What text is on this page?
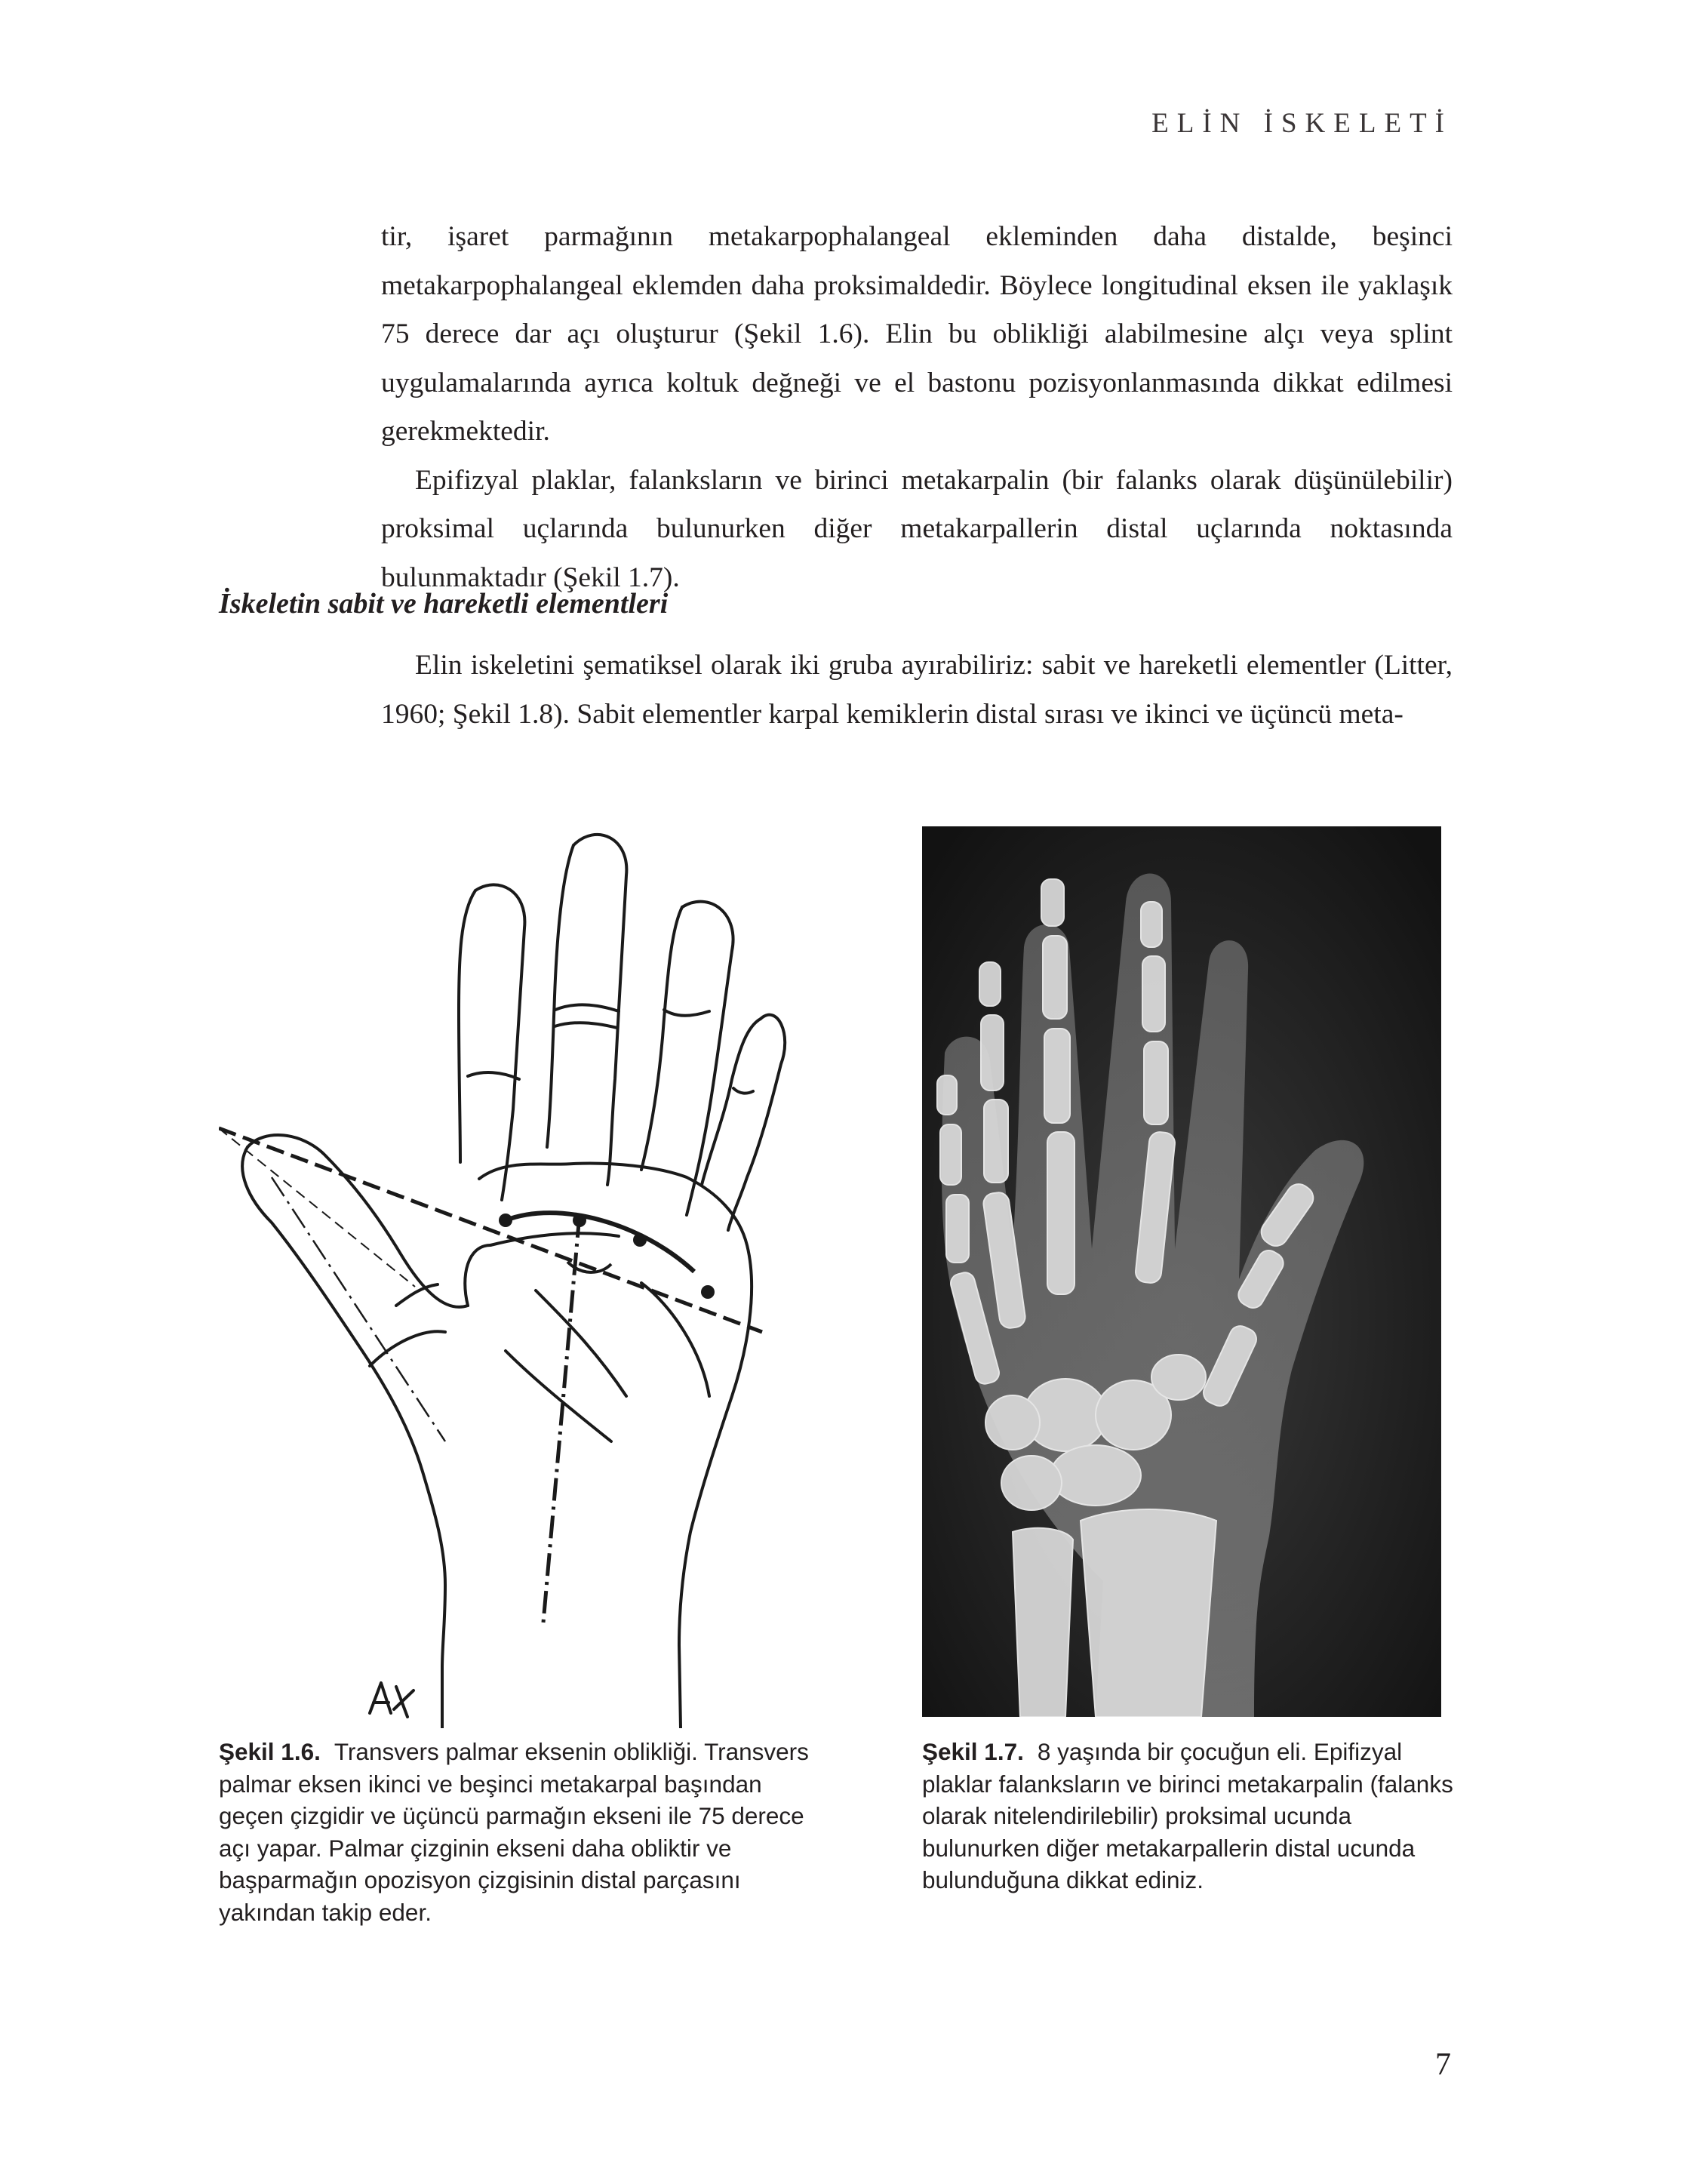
ELİN İSKELETİ

tir, işaret parmağının metakarpophalangeal ekleminden daha distalde, beşinci metakarpophalangeal eklemden daha proksimaldedir. Böylece longitudinal eksen ile yaklaşık 75 derece dar açı oluşturur (Şekil 1.6). Elin bu oblikliği alabilmesine alçı veya splint uygulamalarında ayrıca koltuk değneği ve el bastonu pozisyonlanmasında dikkat edilmesi gerekmektedir.

Epifizyal plaklar, falanksların ve birinci metakarpalin (bir falanks olarak düşünülebilir) proksimal uçlarında bulunurken diğer metakarpallerin distal uçlarında noktasında bulunmaktadır (Şekil 1.7).

İskeletin sabit ve hareketli elementleri

Elin iskeletini şematiksel olarak iki gruba ayırabiliriz: sabit ve hareketli elementler (Litter, 1960; Şekil 1.8). Sabit elementler karpal kemiklerin distal sırası ve ikinci ve üçüncü meta-

Şekil 1.6. Transvers palmar eksenin oblikliği. Transvers palmar eksen ikinci ve beşinci metakarpal başından geçen çizgidir ve üçüncü parmağın ekseni ile 75 derece açı yapar. Palmar çizginin ekseni daha obliktir ve başparmağın opozisyon çizgisinin distal parçasını yakından takip eder.

Şekil 1.7. 8 yaşında bir çocuğun eli. Epifizyal plaklar falanksların ve birinci metakarpalin (falanks olarak nitelendirilebilir) proksimal ucunda bulunurken diğer metakarpallerin distal ucunda bulunduğuna dikkat ediniz.

7
